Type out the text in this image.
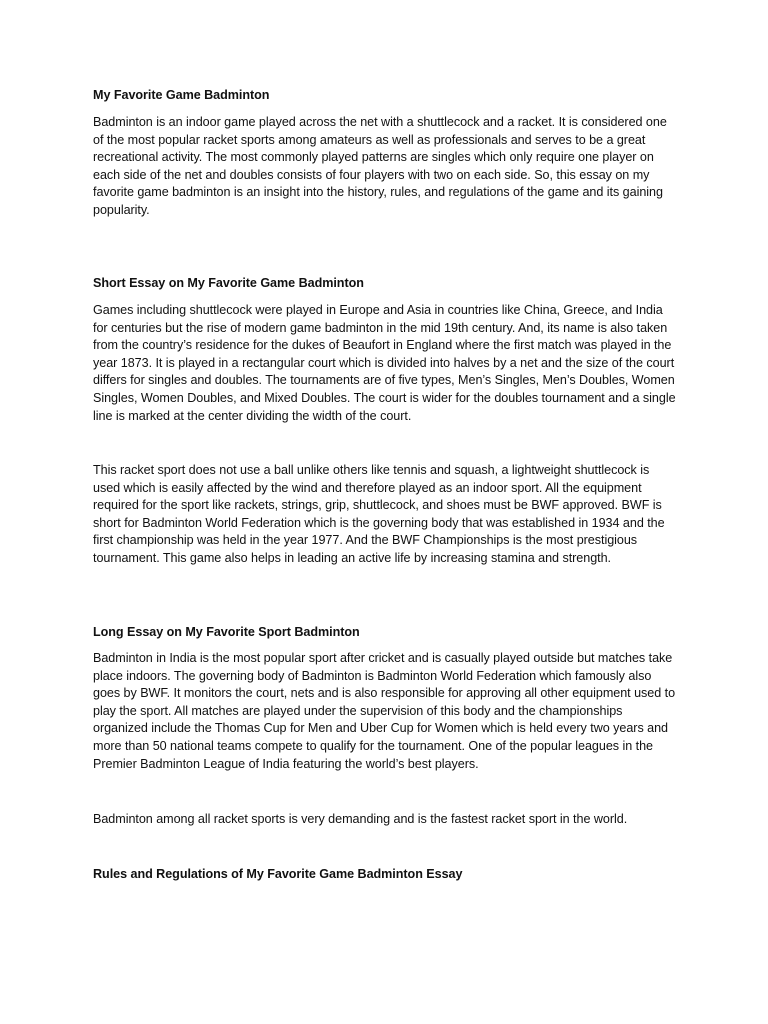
My Favorite Game Badminton
Badminton is an indoor game played across the net with a shuttlecock and a racket. It is considered one of the most popular racket sports among amateurs as well as professionals and serves to be a great recreational activity. The most commonly played patterns are singles which only require one player on each side of the net and doubles consists of four players with two on each side. So, this essay on my favorite game badminton is an insight into the history, rules, and regulations of the game and its gaining popularity.
Short Essay on My Favorite Game Badminton
Games including shuttlecock were played in Europe and Asia in countries like China, Greece, and India for centuries but the rise of modern game badminton in the mid 19th century. And, its name is also taken from the country’s residence for the dukes of Beaufort in England where the first match was played in the year 1873. It is played in a rectangular court which is divided into halves by a net and the size of the court differs for singles and doubles. The tournaments are of five types, Men’s Singles, Men’s Doubles, Women Singles, Women Doubles, and Mixed Doubles. The court is wider for the doubles tournament and a single line is marked at the center dividing the width of the court.
This racket sport does not use a ball unlike others like tennis and squash, a lightweight shuttlecock is used which is easily affected by the wind and therefore played as an indoor sport. All the equipment required for the sport like rackets, strings, grip, shuttlecock, and shoes must be BWF approved. BWF is short for Badminton World Federation which is the governing body that was established in 1934 and the first championship was held in the year 1977. And the BWF Championships is the most prestigious tournament. This game also helps in leading an active life by increasing stamina and strength.
Long Essay on My Favorite Sport Badminton
Badminton in India is the most popular sport after cricket and is casually played outside but matches take place indoors. The governing body of Badminton is Badminton World Federation which famously also goes by BWF. It monitors the court, nets and is also responsible for approving all other equipment used to play the sport. All matches are played under the supervision of this body and the championships organized include the Thomas Cup for Men and Uber Cup for Women which is held every two years and more than 50 national teams compete to qualify for the tournament. One of the popular leagues in the Premier Badminton League of India featuring the world’s best players.
Badminton among all racket sports is very demanding and is the fastest racket sport in the world.
Rules and Regulations of My Favorite Game Badminton Essay
